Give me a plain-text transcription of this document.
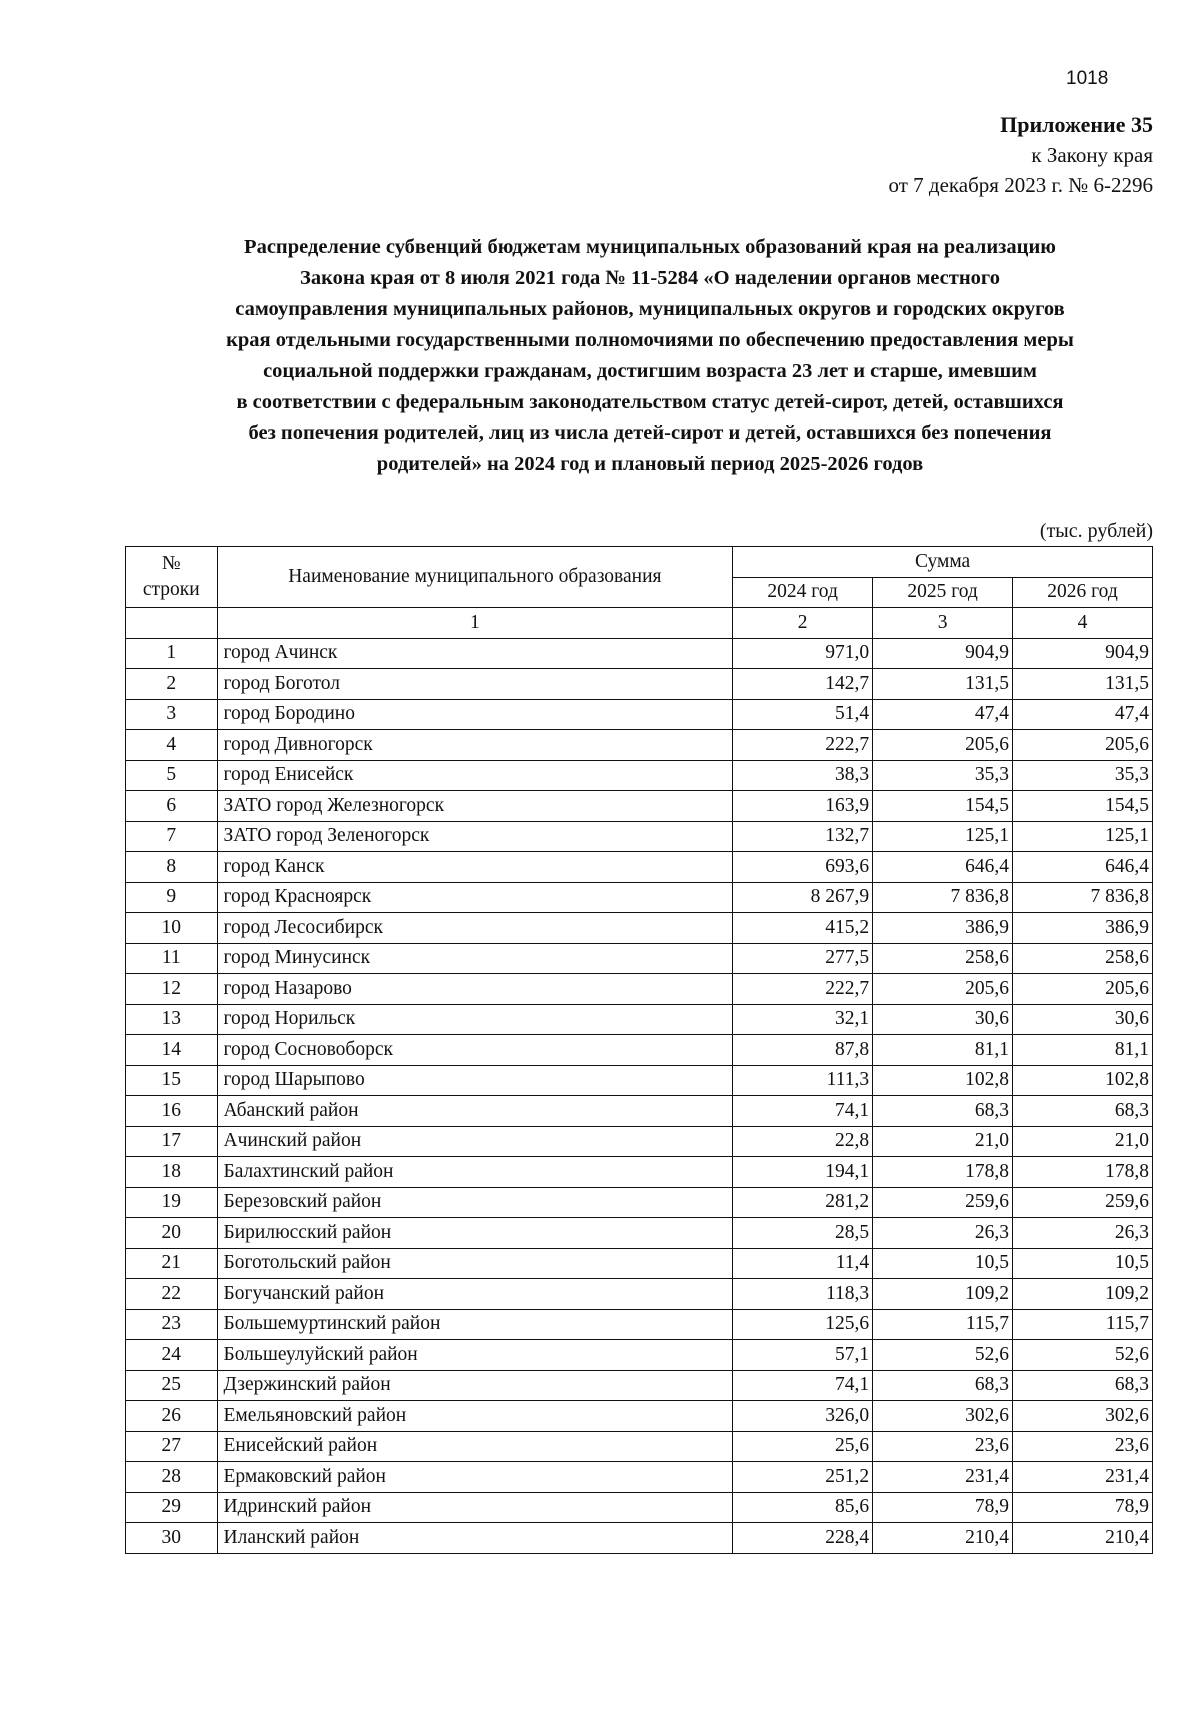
1018
Приложение 35
к Закону края
от 7 декабря 2023 г. № 6-2296
Распределение субвенций бюджетам муниципальных образований края на реализацию
Закона края от 8 июля 2021 года № 11-5284 «О наделении органов местного
самоуправления муниципальных районов, муниципальных округов и городских округов
края отдельными государственными полномочиями по обеспечению предоставления меры
социальной поддержки гражданам, достигшим возраста 23 лет и старше, имевшим
в соответствии с федеральным законодательством статус детей-сирот, детей, оставшихся
без попечения родителей, лиц из числа детей-сирот и детей, оставшихся без попечения
родителей» на 2024 год и плановый период 2025-2026 годов
(тыс. рублей)
№
строки	Наименование муниципального образования	Сумма		
		2024 год	2025 год	2026 год
	1	2	3	4
1	город Ачинск	971,0	904,9	904,9
2	город Боготол	142,7	131,5	131,5
3	город Бородино	51,4	47,4	47,4
4	город Дивногорск	222,7	205,6	205,6
5	город Енисейск	38,3	35,3	35,3
6	ЗАТО город Железногорск	163,9	154,5	154,5
7	ЗАТО город Зеленогорск	132,7	125,1	125,1
8	город Канск	693,6	646,4	646,4
9	город Красноярск	8 267,9	7 836,8	7 836,8
10	город Лесосибирск	415,2	386,9	386,9
11	город Минусинск	277,5	258,6	258,6
12	город Назарово	222,7	205,6	205,6
13	город Норильск	32,1	30,6	30,6
14	город Сосновоборск	87,8	81,1	81,1
15	город Шарыпово	111,3	102,8	102,8
16	Абанский район	74,1	68,3	68,3
17	Ачинский район	22,8	21,0	21,0
18	Балахтинский район	194,1	178,8	178,8
19	Березовский район	281,2	259,6	259,6
20	Бирилюсский район	28,5	26,3	26,3
21	Боготольский район	11,4	10,5	10,5
22	Богучанский район	118,3	109,2	109,2
23	Большемуртинский район	125,6	115,7	115,7
24	Большеулуйский район	57,1	52,6	52,6
25	Дзержинский район	74,1	68,3	68,3
26	Емельяновский район	326,0	302,6	302,6
27	Енисейский район	25,6	23,6	23,6
28	Ермаковский район	251,2	231,4	231,4
29	Идринский район	85,6	78,9	78,9
30	Иланский район	228,4	210,4	210,4
